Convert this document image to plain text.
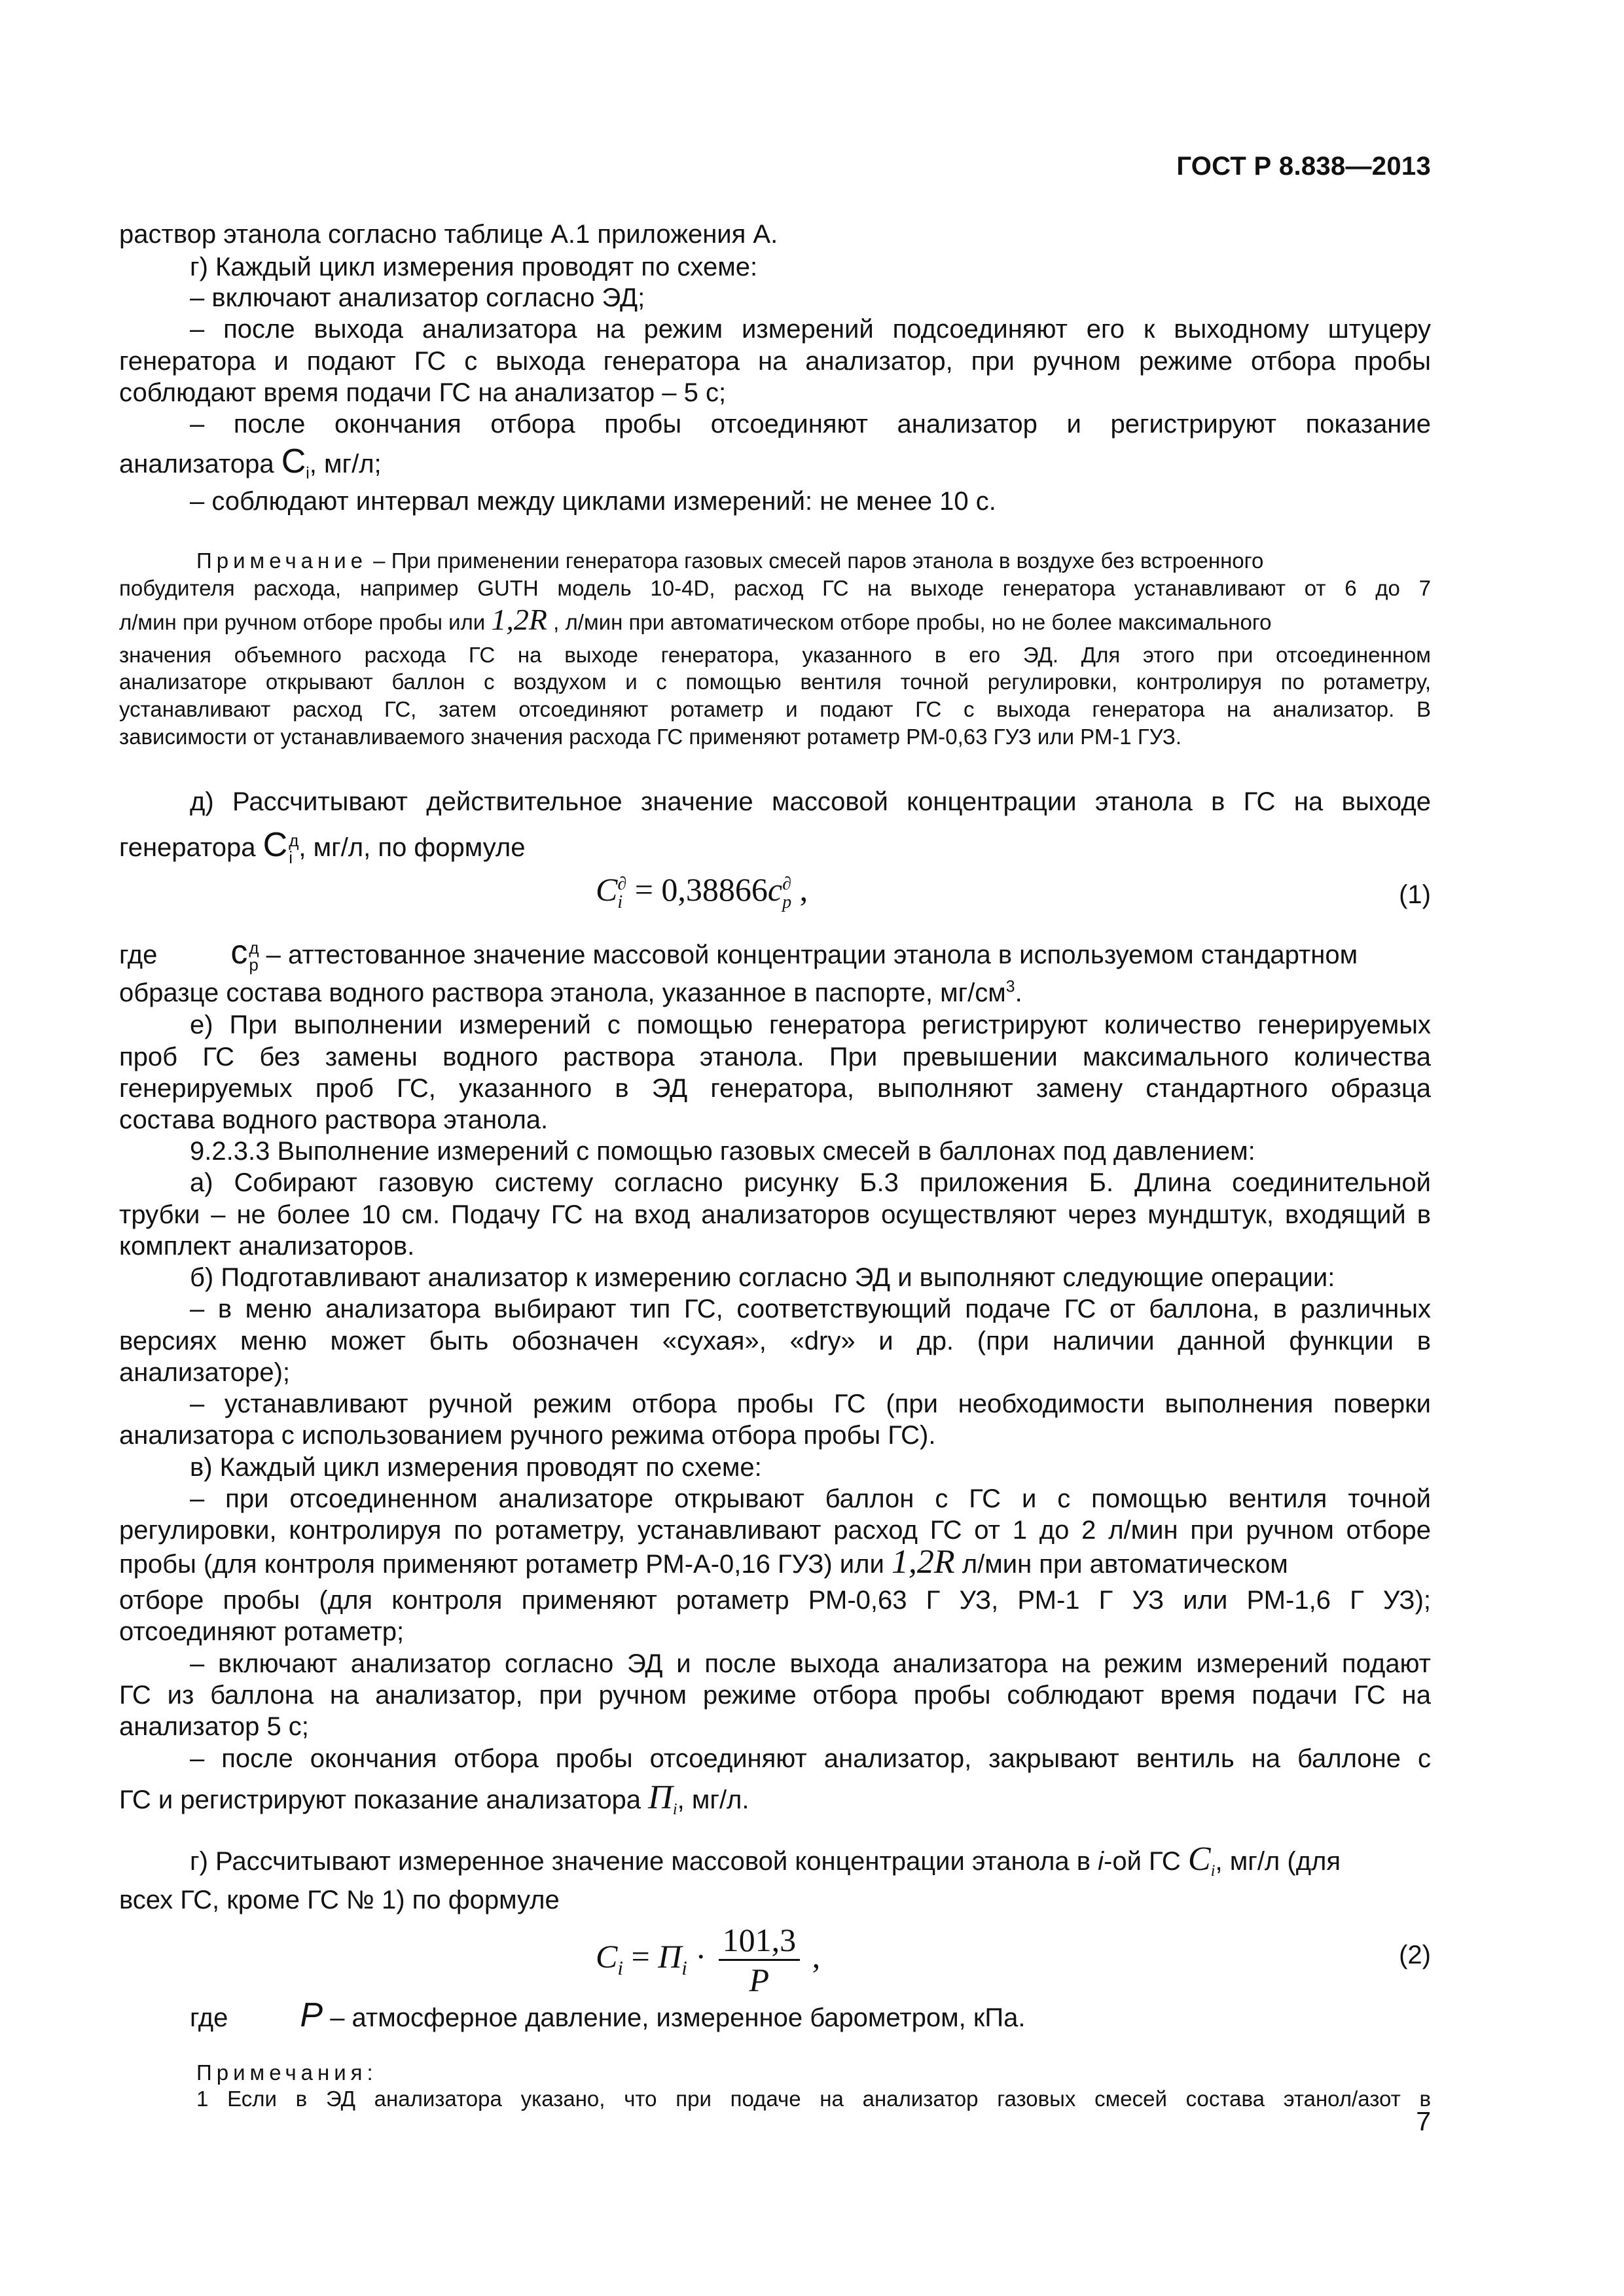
ГОСТ Р 8.838—2013
раствор этанола согласно таблице А.1 приложения А.
г) Каждый цикл измерения проводят по схеме:
– включают анализатор согласно ЭД;
– после выхода анализатора на режим измерений подсоединяют его к выходному штуцеру
генератора и подают ГС с выхода генератора на анализатор, при ручном режиме отбора пробы
соблюдают время подачи ГС на анализатор – 5 с;
– после окончания отбора пробы отсоединяют анализатор и регистрируют показание
анализатора $С_i$, мг/л;
– соблюдают интервал между циклами измерений: не менее 10 с.
Примечание – При применении генератора газовых смесей паров этанола в воздухе без встроенного
побудителя расхода, например GUTH модель 10-4D, расход ГС на выходе генератора устанавливают от 6 до 7
л/мин при ручном отборе пробы или 1,2R , л/мин при автоматическом отборе пробы, но не более максимального
значения объемного расхода ГС на выходе генератора, указанного в его ЭД. Для этого при отсоединенном
анализаторе открывают баллон с воздухом и с помощью вентиля точной регулировки, контролируя по ротаметру,
устанавливают расход ГС, затем отсоединяют ротаметр и подают ГС с выхода генератора на анализатор. В
зависимости от устанавливаемого значения расхода ГС применяют ротаметр РМ-0,63 ГУЗ или РМ-1 ГУЗ.
д) Рассчитывают действительное значение массовой концентрации этанола в ГС на выходе
генератора С д
i , мг/л, по формуле
C ∂
i = 0,38866c ∂
p ,	(1)
где с д
р – аттестованное значение массовой концентрации этанола в используемом стандартном
образце состава водного раствора этанола, указанное в паспорте, $мг/см^3$.
е) При выполнении измерений с помощью генератора регистрируют количество генерируемых
проб ГС без замены водного раствора этанола. При превышении максимального количества
генерируемых проб ГС, указанного в ЭД генератора, выполняют замену стандартного образца
состава водного раствора этанола.
9.2.3.3 Выполнение измерений с помощью газовых смесей в баллонах под давлением:
а) Собирают газовую систему согласно рисунку Б.3 приложения Б. Длина соединительной
трубки – не более 10 см. Подачу ГС на вход анализаторов осуществляют через мундштук, входящий в
комплект анализаторов.
б) Подготавливают анализатор к измерению согласно ЭД и выполняют следующие операции:
– в меню анализатора выбирают тип ГС, соответствующий подаче ГС от баллона, в различных
версиях меню может быть обозначен «сухая», «dry» и др. (при наличии данной функции в
анализаторе);
– устанавливают ручной режим отбора пробы ГС (при необходимости выполнения поверки
анализатора с использованием ручного режима отбора пробы ГС).
в) Каждый цикл измерения проводят по схеме:
– при отсоединенном анализаторе открывают баллон с ГС и с помощью вентиля точной
регулировки, контролируя по ротаметру, устанавливают расход ГС от 1 до 2 л/мин при ручном отборе
пробы (для контроля применяют ротаметр РМ-А-0,16 ГУЗ) или 1,2R л/мин при автоматическом
отборе пробы (для контроля применяют ротаметр РМ-0,63 Г УЗ, РМ-1 Г УЗ или РМ-1,6 Г УЗ);
отсоединяют ротаметр;
– включают анализатор согласно ЭД и после выхода анализатора на режим измерений подают
ГС из баллона на анализатор, при ручном режиме отбора пробы соблюдают время подачи ГС на
анализатор 5 с;
– после окончания отбора пробы отсоединяют анализатор, закрывают вентиль на баллоне с
ГС и регистрируют показание анализатора $П_i$, мг/л.
г) Рассчитывают измеренное значение массовой концентрации этанола в i-ой ГС $C_i$, мг/л (для
всех ГС, кроме ГС № 1) по формуле
$C_i = П_i \cdot \frac{101,3}{P}$ ,	(2)
где Р – атмосферное давление, измеренное барометром, кПа.
Примечания:
1 Если в ЭД анализатора указано, что при подаче на анализатор газовых смесей состава этанол/азот в
7
